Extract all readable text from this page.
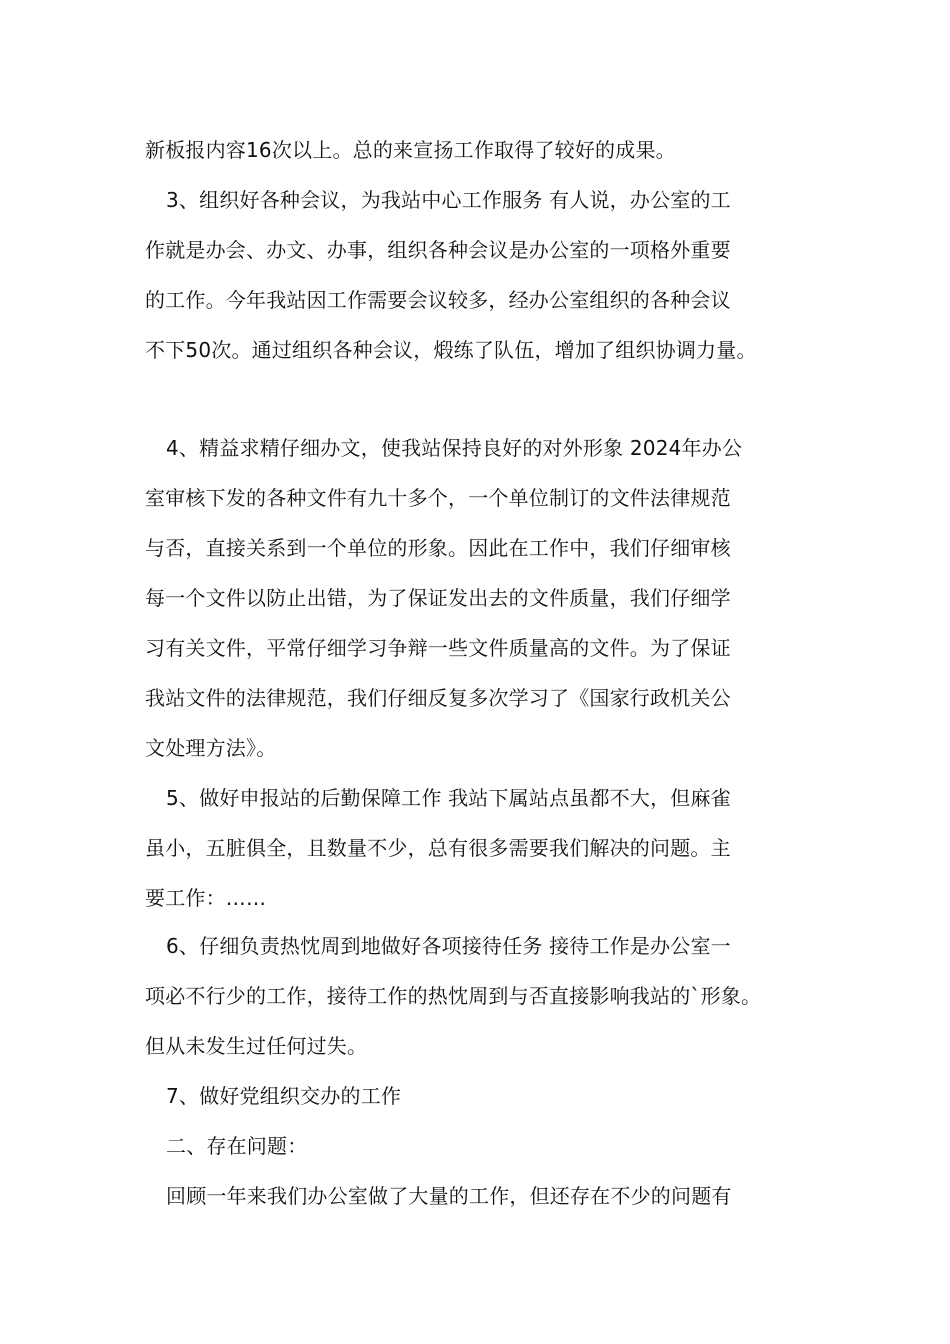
新板报内容16次以上。总的来宣扬工作取得了较好的成果。
3、组织好各种会议，为我站中心工作服务 有人说，办公室的工
作就是办会、办文、办事，组织各种会议是办公室的一项格外重要
的工作。今年我站因工作需要会议较多，经办公室组织的各种会议
不下50次。通过组织各种会议，煅练了队伍，增加了组织协调力量。
4、精益求精仔细办文，使我站保持良好的对外形象 2024年办公
室审核下发的各种文件有九十多个，一个单位制订的文件法律规范
与否，直接关系到一个单位的形象。因此在工作中，我们仔细审核
每一个文件以防止出错，为了保证发出去的文件质量，我们仔细学
习有关文件，平常仔细学习争辩一些文件质量高的文件。为了保证
我站文件的法律规范，我们仔细反复多次学习了《国家行政机关公
文处理方法》。
5、做好申报站的后勤保障工作 我站下属站点虽都不大，但麻雀
虽小，五脏俱全，且数量不少，总有很多需要我们解决的问题。主
要工作：……
6、仔细负责热忱周到地做好各项接待任务 接待工作是办公室一
项必不行少的工作，接待工作的热忱周到与否直接影响我站的`形象。
但从未发生过任何过失。
7、做好党组织交办的工作
二、存在问题：
回顾一年来我们办公室做了大量的工作，但还存在不少的问题有
